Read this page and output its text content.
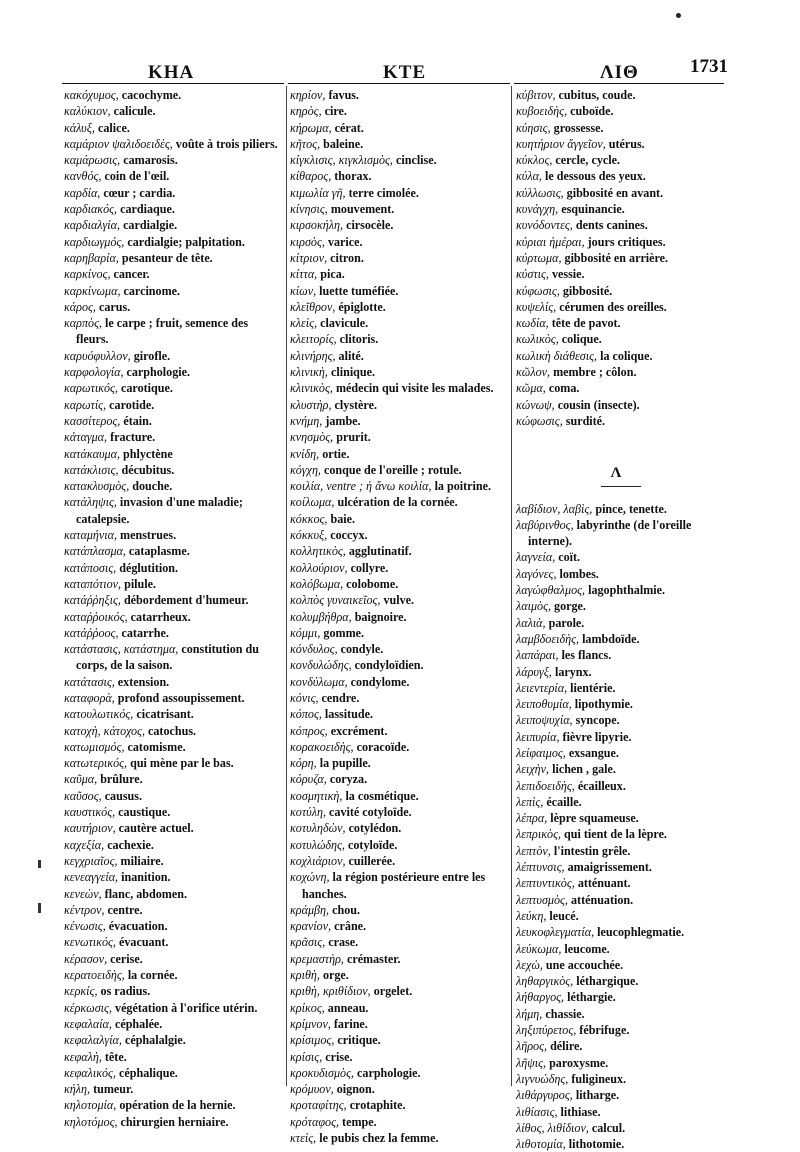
ΚΗΑ	ΚΤΕ	ΛΙΘ	1731

κακόχυμος, cacochyme.

καλύκιον, calicule.

κάλυξ, calice.

καμάριον ψαλιδοειδὲς, voûte à trois piliers.

καμάρωσις, camarosis.

κανθός, coin de l'œil.

καρδία, cœur ; cardia.

καρδιακός, cardiaque.

καρδιαλγία, cardialgie.

καρδιωγμός, cardialgie; palpitation.

καρηβαρία, pesanteur de tête.

καρκίνος, cancer.

καρκίνωμα, carcinome.

κάρος, carus.

καρπὸς, le carpe ; fruit, semence des fleurs.

καρυόφυλλον, girofle.

καρφολογία, carphologie.

καρωτικός, carotique.

καρωτίς, carotide.

κασσίτερος, étain.

κάταγμα, fracture.

κατάκαυμα, phlyctène

κατάκλισις, décubitus.

κατακλυσμὸς, douche.

κατάληψις, invasion d'une maladie; catalepsie.

καταμήνια, menstrues.

κατάπλασμα, cataplasme.

κατάποσις, déglutition.

καταπότιον, pilule.

κατάῤῥηξις, débordement d'humeur.

καταῤῥοικός, catarrheux.

κατάῤῥοος, catarrhe.

κατάστασις, κατάστημα, constitution du corps, de la saison.

κατάτασις, extension.

καταφορὰ, profond assoupissement.

κατουλωτικός, cicatrisant.

κατοχὴ, κάτοχος, catochus.

κατωμισμός, catomisme.

κατωτερικός, qui mène par le bas.

καῦμα, brûlure.

καῦσος, causus.

καυστικός, caustique.

καυτήριον, cautère actuel.

καχεξία, cachexie.

κεγχριαῖος, miliaire.

κενεαγγεία, inanition.

κενεὼν, flanc, abdomen.

κέντρον, centre.

κένωσις, évacuation.

κενωτικός, évacuant.

κέρασον, cerise.

κερατοειδὴς, la cornée.

κερκίς, os radius.

κέρκωσις, végétation à l'orifice utérin.

κεφαλαία, céphalée.

κεφαλαλγία, céphalalgie.

κεφαλὴ, tête.

κεφαλικός, céphalique.

κήλη, tumeur.

κηλοτομία, opération de la hernie.

κηλοτόμος, chirurgien herniaire.

κηρίον, favus.

κηρὸς, cire.

κήρωμα, cérat.

κῆτος, baleine.

κίγκλισις, κιγκλισμὸς, cinclise.

κίθαρος, thorax.

κιμωλία γῆ, terre cimolée.

κίνησις, mouvement.

κιρσοκήλη, cirsocèle.

κιρσὸς, varice.

κίτριον, citron.

κίττα, pica.

κίων, luette tuméfiée.

κλεῖθρον, épiglotte.

κλεὶς, clavicule.

κλειτορίς, clitoris.

κλινήρης, alité.

κλινικὴ, clinique.

κλινικὸς, médecin qui visite les malades.

κλυστὴρ, clystère.

κνήμη, jambe.

κνησμὸς, prurit.

κνίδη, ortie.

κόγχη, conque de l'oreille ; rotule.

κοιλία, ventre ; ἡ ἄνω κοιλία, la poitrine.

κοίλωμα, ulcération de la cornée.

κόκκος, baie.

κόκκυξ, coccyx.

κολλητικὸς, agglutinatif.

κολλούριον, collyre.

κολόβωμα, colobome.

κολπὸς γυναικεῖος, vulve.

κολυμβήθρα, baignoire.

κόμμι, gomme.

κόνδυλος, condyle.

κονδυλώδης, condyloïdien.

κονδύλωμα, condylome.

κόνις, cendre.

κόπος, lassitude.

κόπρος, excrément.

κορακοειδὴς, coracoïde.

κόρη, la pupille.

κόρυζα, coryza.

κοσμητικὴ, la cosmétique.

κοτύλη, cavité cotyloïde.

κοτυληδὼν, cotylédon.

κοτυλώδης, cotyloïde.

κοχλιάριον, cuillerée.

κοχώνη, la région postérieure entre les hanches.

κράμβη, chou.

κρανίον, crâne.

κρᾶσις, crase.

κρεμαστὴρ, crémaster.

κριθὴ, orge.

κριθὴ, κριθίδιον, orgelet.

κρίκος, anneau.

κρίμνον, farine.

κρίσιμος, critique.

κρίσις, crise.

κροκυδισμὸς, carphologie.

κρόμυον, oignon.

κροταφίτης, crotaphite.

κρόταφος, tempe.

κτεὶς, le pubis chez la femme.

κύβιτον, cubitus, coude.

κυβοειδὴς, cuboïde.

κύησις, grossesse.

κυητήριον ἄγγεῖον, utérus.

κύκλος, cercle, cycle.

κύλα, le dessous des yeux.

κύλλωσις, gibbosité en avant.

κυνάγχη, esquinancie.

κυνόδοντες, dents canines.

κύριαι ἡμέραι, jours critiques.

κύρτωμα, gibbosité en arrière.

κύστις, vessie.

κύφωσις, gibbosité.

κυψελίς, cérumen des oreilles.

κωδία, tête de pavot.

κωλικὸς, colique.

κωλικὴ διάθεσις, la colique.

κῶλον, membre ; côlon.

κῶμα, coma.

κώνωψ, cousin (insecte).

κώφωσις, surdité.

Λ

λαβίδιον, λαβὶς, pince, tenette.

λαβύρινθος, labyrinthe (de l'oreille interne).

λαγνεία, coït.

λαγόνες, lombes.

λαγώφθαλμος, lagophthalmie.

λαιμὸς, gorge.

λαλιὰ, parole.

λαμβδοειδὴς, lambdoïde.

λαπάραι, les flancs.

λάρυγξ, larynx.

λειεντερία, lientérie.

λειποθυμία, lipothymie.

λειποψυχία, syncope.

λειπυρία, fièvre lipyrie.

λείφαιμος, exsangue.

λειχὴν, lichen , gale.

λεπιδοειδὴς, écailleux.

λεπὶς, écaille.

λέπρα, lèpre squameuse.

λεπρικὸς, qui tient de la lèpre.

λεπτὸν, l'intestin grêle.

λέπτυνσις, amaigrissement.

λεπτυντικὸς, atténuant.

λεπτυσμὸς, atténuation.

λεύκη, leucé.

λευκοφλεγματία, leucophlegmatie.

λεύκωμα, leucome.

λεχὼ, une accouchée.

ληθαργικὸς, léthargique.

λήθαργος, léthargie.

λήμη, chassie.

ληξιπύρετος, fébrifuge.

λῆρος, délire.

λῆψις, paroxysme.

λιγνυώδης, fuligineux.

λιθάργυρος, litharge.

λιθίασις, lithiase.

λίθος, λιθίδιον, calcul.

λιθοτομία, lithotomie.
